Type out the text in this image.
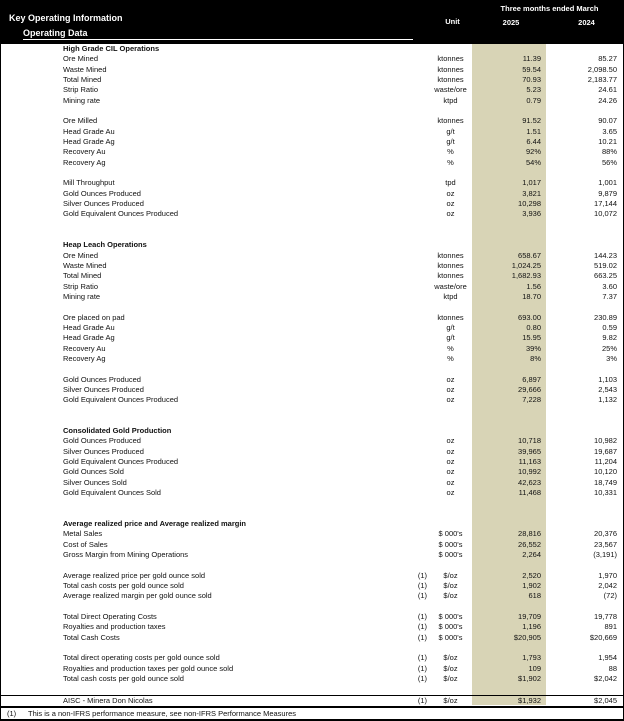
Key Operating Information
Operating Data
Unit
Three months ended March
2025	2024
High Grade CIL Operations
Ore Mined	ktonnes	11.39	85.27
Waste Mined	ktonnes	59.54	2,098.50
Total Mined	ktonnes	70.93	2,183.77
Strip Ratio	waste/ore	5.23	24.61
Mining rate	ktpd	0.79	24.26
Ore Milled	ktonnes	91.52	90.07
Head Grade Au	g/t	1.51	3.65
Head Grade Ag	g/t	6.44	10.21
Recovery Au	%	92%	88%
Recovery Ag	%	54%	56%
Mill Throughput	tpd	1,017	1,001
Gold Ounces Produced	oz	3,821	9,879
Silver Ounces Produced	oz	10,298	17,144
Gold Equivalent Ounces Produced	oz	3,936	10,072
Heap Leach Operations
Ore Mined	ktonnes	658.67	144.23
Waste Mined	ktonnes	1,024.25	519.02
Total Mined	ktonnes	1,682.93	663.25
Strip Ratio	waste/ore	1.56	3.60
Mining rate	ktpd	18.70	7.37
Ore placed on pad	ktonnes	693.00	230.89
Head Grade Au	g/t	0.80	0.59
Head Grade Ag	g/t	15.95	9.82
Recovery Au	%	39%	25%
Recovery Ag	%	8%	3%
Gold Ounces Produced	oz	6,897	1,103
Silver Ounces Produced	oz	29,666	2,543
Gold Equivalent Ounces Produced	oz	7,228	1,132
Consolidated Gold Production
Gold Ounces Produced	oz	10,718	10,982
Silver Ounces Produced	oz	39,965	19,687
Gold Equivalent Ounces Produced	oz	11,163	11,204
Gold Ounces Sold	oz	10,992	10,120
Silver Ounces Sold	oz	42,623	18,749
Gold Equivalent Ounces Sold	oz	11,468	10,331
Average realized price and Average realized margin
Metal Sales	$ 000's	28,816	20,376
Cost of Sales	$ 000's	26,552	23,567
Gross Margin from Mining Operations	$ 000's	2,264	(3,191)
Average realized price per gold ounce sold	(1)	$/oz	2,520	1,970
Total cash costs per gold ounce sold	(1)	$/oz	1,902	2,042
Average realized margin per gold ounce sold	(1)	$/oz	618	(72)
Total Direct Operating Costs	(1)	$ 000's	19,709	19,778
Royalties and production taxes	(1)	$ 000's	1,196	891
Total Cash Costs	(1)	$ 000's	$20,905	$20,669
Total direct operating costs per gold ounce sold	(1)	$/oz	1,793	1,954
Royalties and production taxes per gold ounce sold	(1)	$/oz	109	88
Total cash costs per gold ounce sold	(1)	$/oz	$1,902	$2,042
AISC - Minera Don Nicolas	(1)	$/oz	$1,932	$2,045
(1)	This is a non-IFRS performance measure, see non-IFRS Performance Measures
